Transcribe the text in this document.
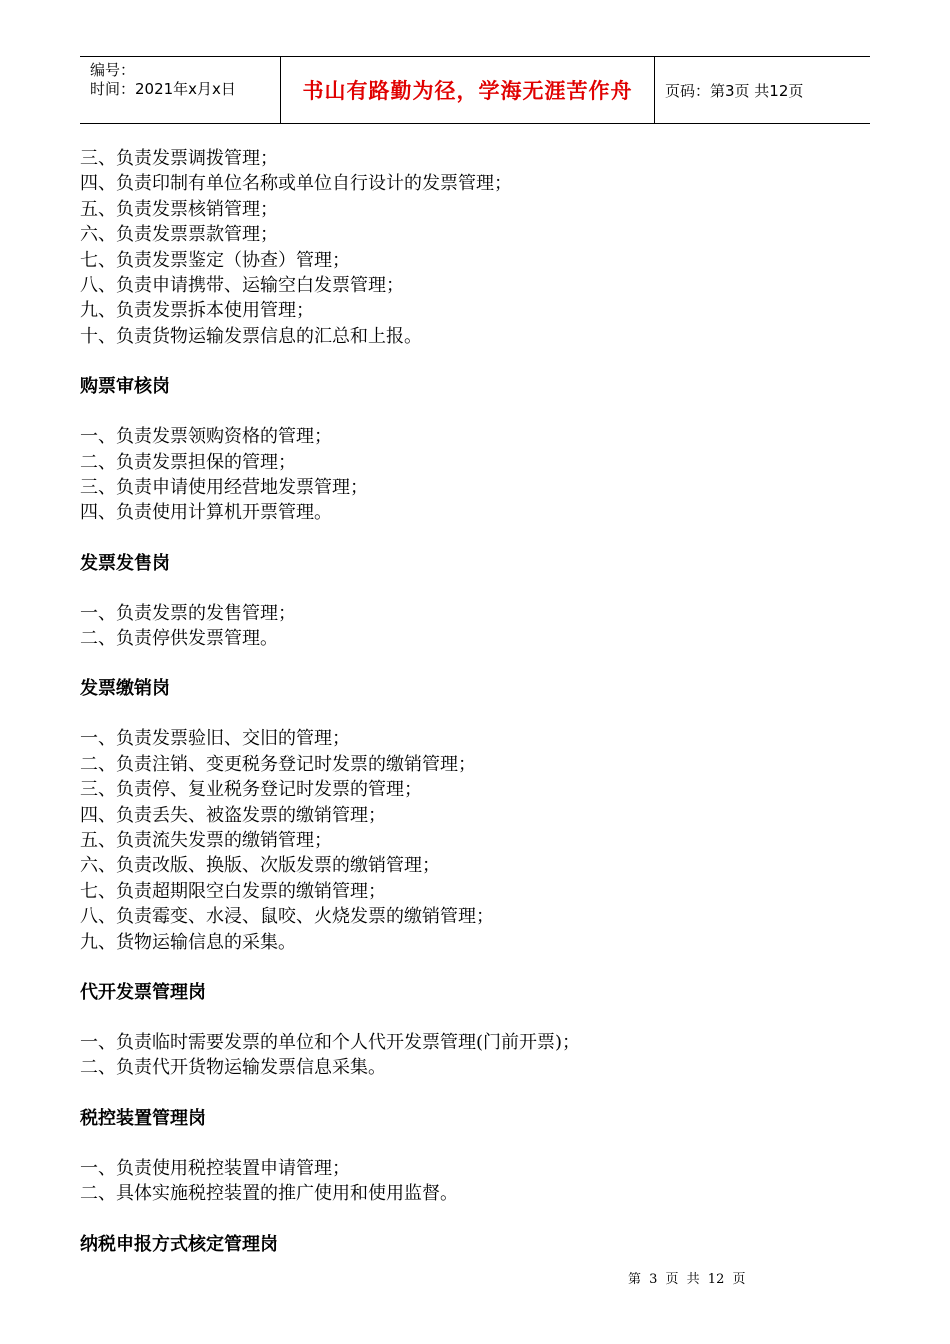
编号：
时间：2021年x月x日	书山有路勤为径，学海无涯苦作舟	页码：第3页 共12页
三、负责发票调拨管理；
四、负责印制有单位名称或单位自行设计的发票管理；
五、负责发票核销管理；
六、负责发票票款管理；
七、负责发票鉴定（协查）管理；
八、负责申请携带、运输空白发票管理；
九、负责发票拆本使用管理；
十、负责货物运输发票信息的汇总和上报。
购票审核岗
一、负责发票领购资格的管理；
二、负责发票担保的管理；
三、负责申请使用经营地发票管理；
四、负责使用计算机开票管理。
发票发售岗
一、负责发票的发售管理；
二、负责停供发票管理。
发票缴销岗
一、负责发票验旧、交旧的管理；
二、负责注销、变更税务登记时发票的缴销管理；
三、负责停、复业税务登记时发票的管理；
四、负责丢失、被盗发票的缴销管理；
五、负责流失发票的缴销管理；
六、负责改版、换版、次版发票的缴销管理；
七、负责超期限空白发票的缴销管理；
八、负责霉变、水浸、鼠咬、火烧发票的缴销管理；
九、货物运输信息的采集。
代开发票管理岗
一、负责临时需要发票的单位和个人代开发票管理(门前开票)；
二、负责代开货物运输发票信息采集。
税控装置管理岗
一、负责使用税控装置申请管理；
二、具体实施税控装置的推广使用和使用监督。
纳税申报方式核定管理岗
第 3 页 共 12 页
